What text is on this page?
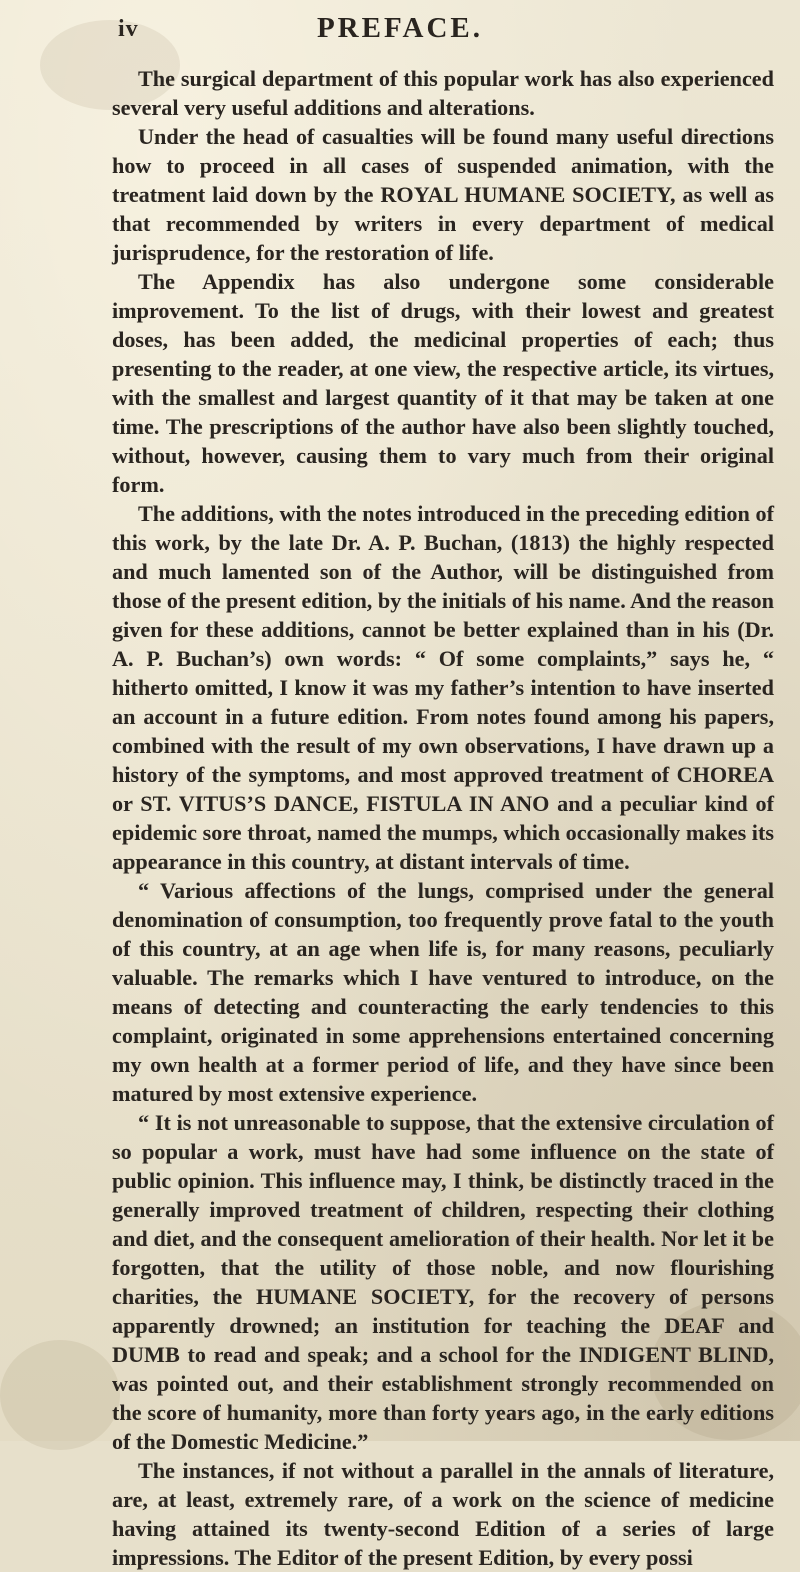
iv	PREFACE.

The surgical department of this popular work has also experienced several very useful additions and alterations.

Under the head of casualties will be found many useful directions how to proceed in all cases of suspended animation, with the treatment laid down by the ROYAL HUMANE SOCIETY, as well as that recommended by writers in every department of medical jurisprudence, for the restoration of life.

The Appendix has also undergone some considerable improvement. To the list of drugs, with their lowest and greatest doses, has been added, the medicinal properties of each; thus presenting to the reader, at one view, the respective article, its virtues, with the smallest and largest quantity of it that may be taken at one time. The prescriptions of the author have also been slightly touched, without, however, causing them to vary much from their original form.

The additions, with the notes introduced in the preceding edition of this work, by the late Dr. A. P. Buchan, (1813) the highly respected and much lamented son of the Author, will be distinguished from those of the present edition, by the initials of his name. And the reason given for these additions, cannot be better explained than in his (Dr. A. P. Buchan’s) own words: “ Of some complaints,” says he, “ hitherto omitted, I know it was my father’s intention to have inserted an account in a future edition. From notes found among his papers, combined with the result of my own observations, I have drawn up a history of the symptoms, and most approved treatment of CHOREA or ST. VITUS’S DANCE, FISTULA IN ANO and a peculiar kind of epidemic sore throat, named the mumps, which occasionally makes its appearance in this country, at distant intervals of time.

“ Various affections of the lungs, comprised under the general denomination of consumption, too frequently prove fatal to the youth of this country, at an age when life is, for many reasons, peculiarly valuable. The remarks which I have ventured to introduce, on the means of detecting and counteracting the early tendencies to this complaint, originated in some apprehensions entertained concerning my own health at a former period of life, and they have since been matured by most extensive experience.

“ It is not unreasonable to suppose, that the extensive circulation of so popular a work, must have had some influence on the state of public opinion. This influence may, I think, be distinctly traced in the generally improved treatment of children, respecting their clothing and diet, and the consequent amelioration of their health. Nor let it be forgotten, that the utility of those noble, and now flourishing charities, the HUMANE SOCIETY, for the recovery of persons apparently drowned; an institution for teaching the DEAF and DUMB to read and speak; and a school for the INDIGENT BLIND, was pointed out, and their establishment strongly recommended on the score of humanity, more than forty years ago, in the early editions of the Domestic Medicine.”

The instances, if not without a parallel in the annals of literature, are, at least, extremely rare, of a work on the science of medicine having attained its twenty-second Edition of a series of large impressions. The Editor of the present Edition, by every possi
